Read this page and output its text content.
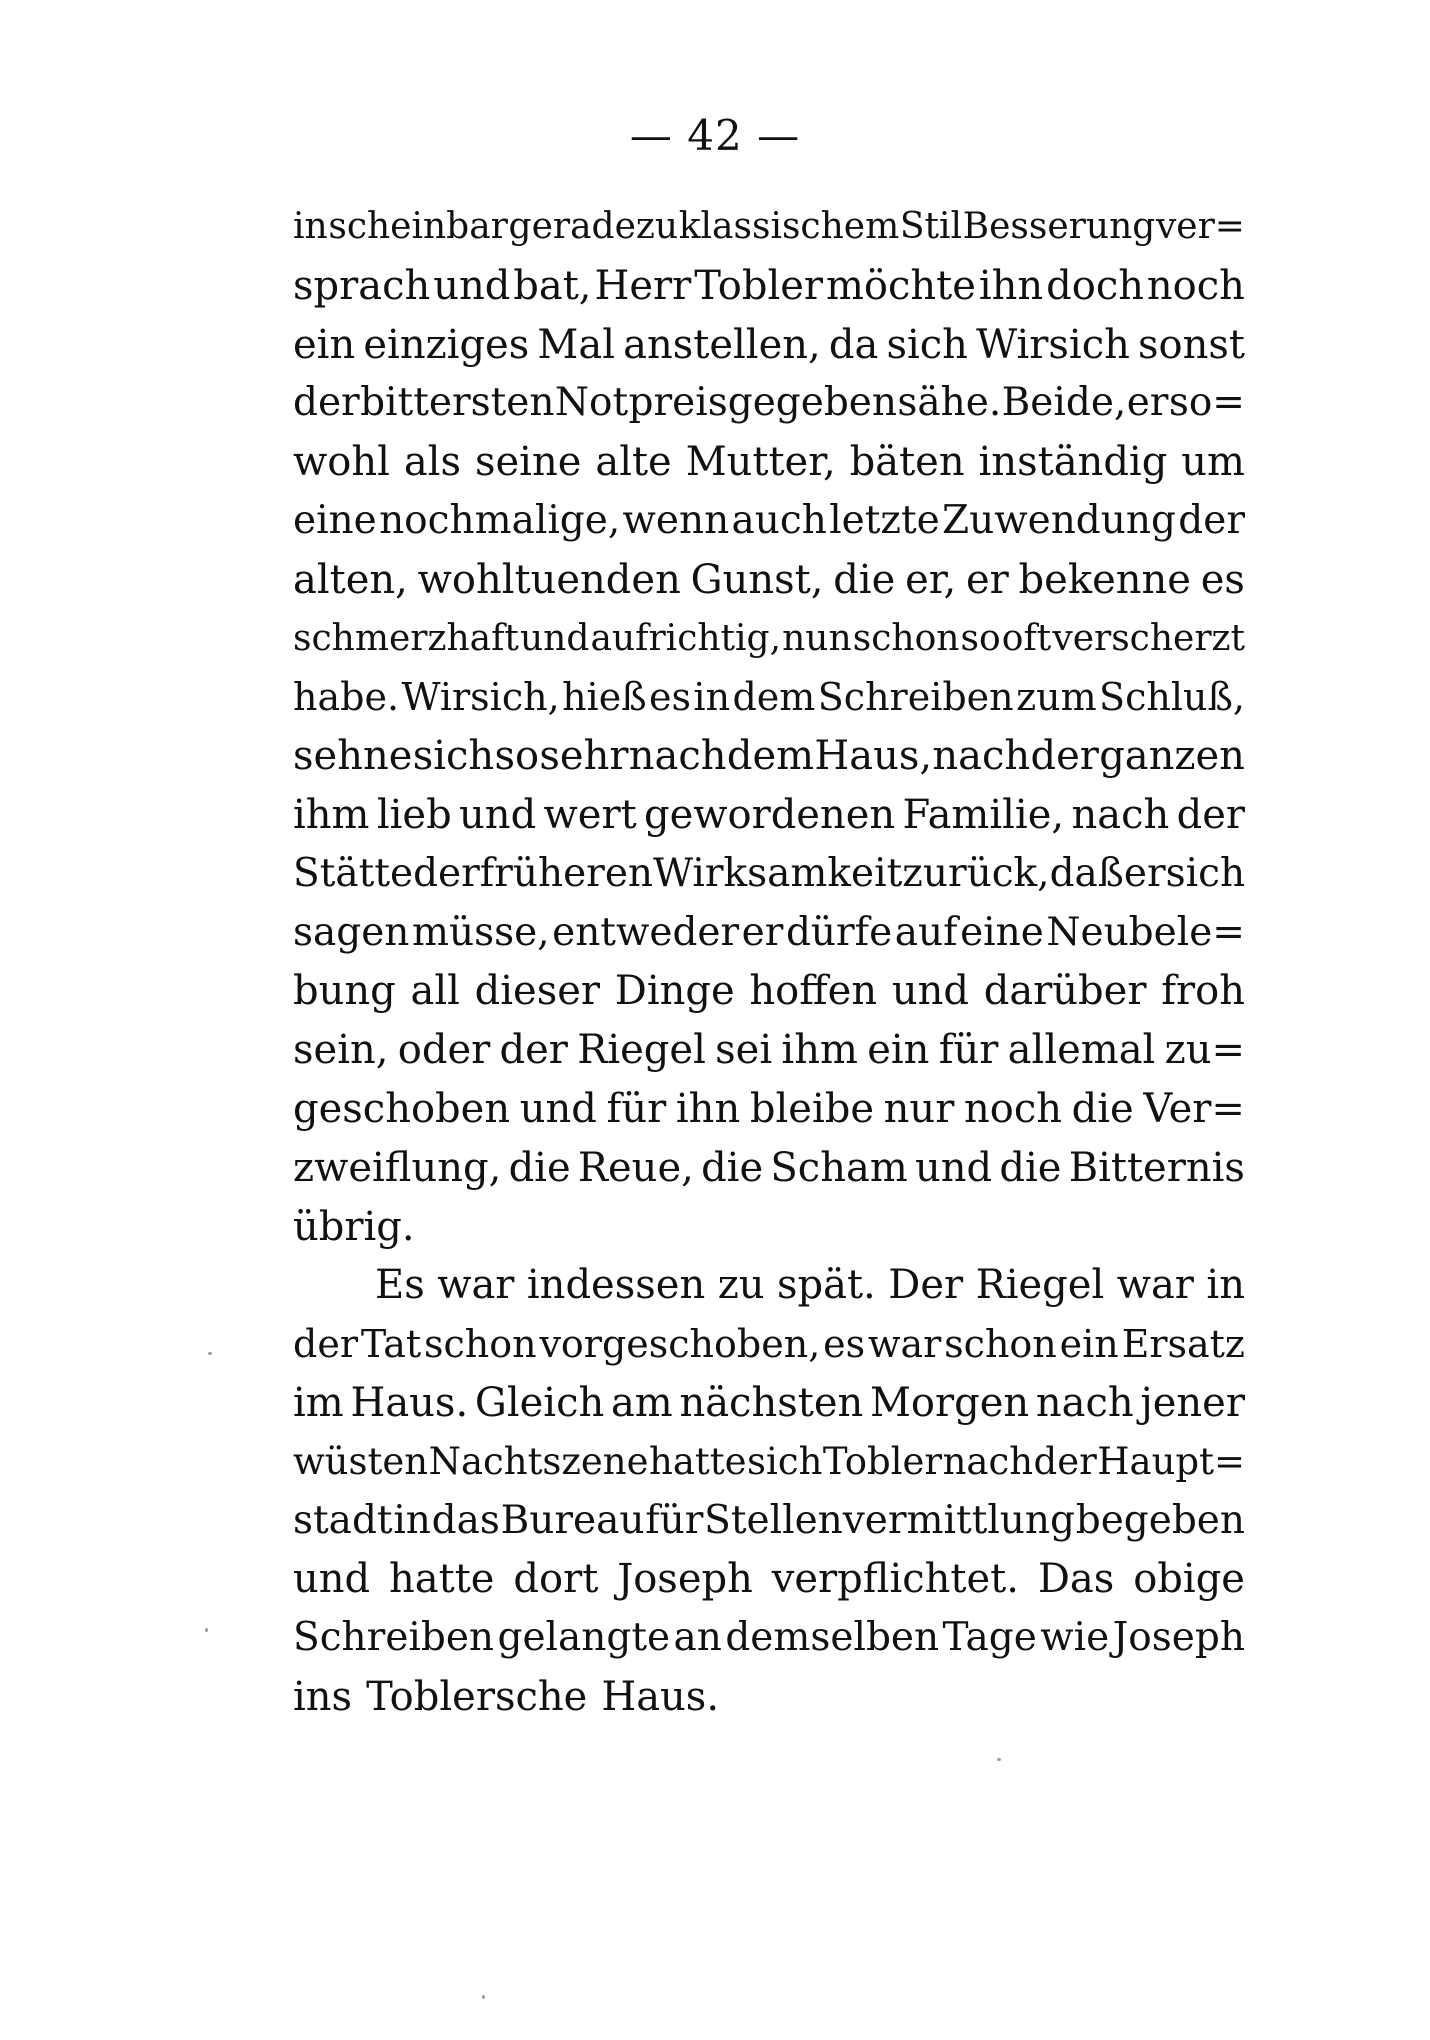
— 42 —
in scheinbar geradezu klassischem Stil Besserung ver=
sprach und bat, Herr Tobler möchte ihn doch noch
ein einziges Mal anstellen, da sich Wirsich sonst
der bittersten Not preisgegeben sähe. Beide, er so=
wohl als seine alte Mutter, bäten inständig um
eine nochmalige, wenn auch letzte Zuwendung der
alten, wohltuenden Gunst, die er, er bekenne es
schmerzhaft und aufrichtig, nun schon so oft verscherzt
habe. Wirsich, hieß es in dem Schreiben zum Schluß,
sehne sich so sehr nach dem Haus, nach der ganzen
ihm lieb und wert gewordenen Familie, nach der
Stätte der früheren Wirksamkeit zurück, daß er sich
sagen müsse, entweder er dürfe auf eine Neubele=
bung all dieser Dinge hoffen und darüber froh
sein, oder der Riegel sei ihm ein für allemal zu=
geschoben und für ihn bleibe nur noch die Ver=
zweiflung, die Reue, die Scham und die Bitternis
übrig.
Es war indessen zu spät. Der Riegel war in
der Tat schon vorgeschoben, es war schon ein Ersatz
im Haus. Gleich am nächsten Morgen nach jener
wüsten Nachtszene hatte sich Tobler nach der Haupt=
stadt in das Bureau für Stellenvermittlung begeben
und hatte dort Joseph verpflichtet. Das obige
Schreiben gelangte an demselben Tage wie Joseph
ins Toblersche Haus.
